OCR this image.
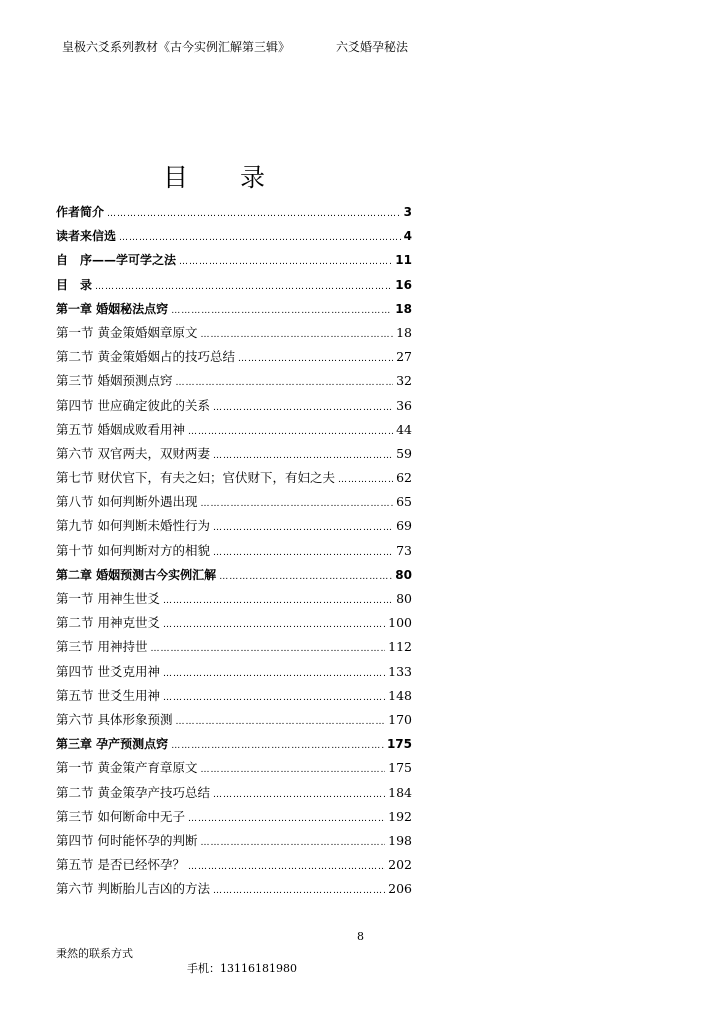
皇极六爻系列教材《古今实例汇解第三辑》	六爻婚孕秘法
目 录
作者简介 …………………………………………………………………………………………………………………………	3
读者来信选 …………………………………………………………………………………………………………………………	4
自　序——学可学之法 …………………………………………………………………………………………………………………………	11
目　录 …………………………………………………………………………………………………………………………	16
第一章 婚姻秘法点窍 …………………………………………………………………………………………………………………………	18
第一节 黄金策婚姻章原文 …………………………………………………………………………………………………………………………	18
第二节 黄金策婚姻占的技巧总结 …………………………………………………………………………………………………………………………	27
第三节 婚姻预测点窍 …………………………………………………………………………………………………………………………	32
第四节 世应确定彼此的关系 …………………………………………………………………………………………………………………………	36
第五节 婚姻成败看用神 …………………………………………………………………………………………………………………………	44
第六节 双官两夫，双财两妻 …………………………………………………………………………………………………………………………	59
第七节 财伏官下，有夫之妇；官伏财下，有妇之夫 …………………………………………………………………………………………………………………………	62
第八节 如何判断外遇出现 …………………………………………………………………………………………………………………………	65
第九节 如何判断未婚性行为 …………………………………………………………………………………………………………………………	69
第十节 如何判断对方的相貌 …………………………………………………………………………………………………………………………	73
第二章 婚姻预测古今实例汇解 …………………………………………………………………………………………………………………………	80
第一节 用神生世爻 …………………………………………………………………………………………………………………………	80
第二节 用神克世爻 …………………………………………………………………………………………………………………………	100
第三节 用神持世 …………………………………………………………………………………………………………………………	112
第四节 世爻克用神 …………………………………………………………………………………………………………………………	133
第五节 世爻生用神 …………………………………………………………………………………………………………………………	148
第六节 具体形象预测 …………………………………………………………………………………………………………………………	170
第三章 孕产预测点窍 …………………………………………………………………………………………………………………………	175
第一节 黄金策产育章原文 …………………………………………………………………………………………………………………………	175
第二节 黄金策孕产技巧总结 …………………………………………………………………………………………………………………………	184
第三节 如何断命中无子 …………………………………………………………………………………………………………………………	192
第四节 何时能怀孕的判断 …………………………………………………………………………………………………………………………	198
第五节 是否已经怀孕？ …………………………………………………………………………………………………………………………	202
第六节 判断胎儿吉凶的方法 …………………………………………………………………………………………………………………………	206
8
秉然的联系方式
手机：13116181980
